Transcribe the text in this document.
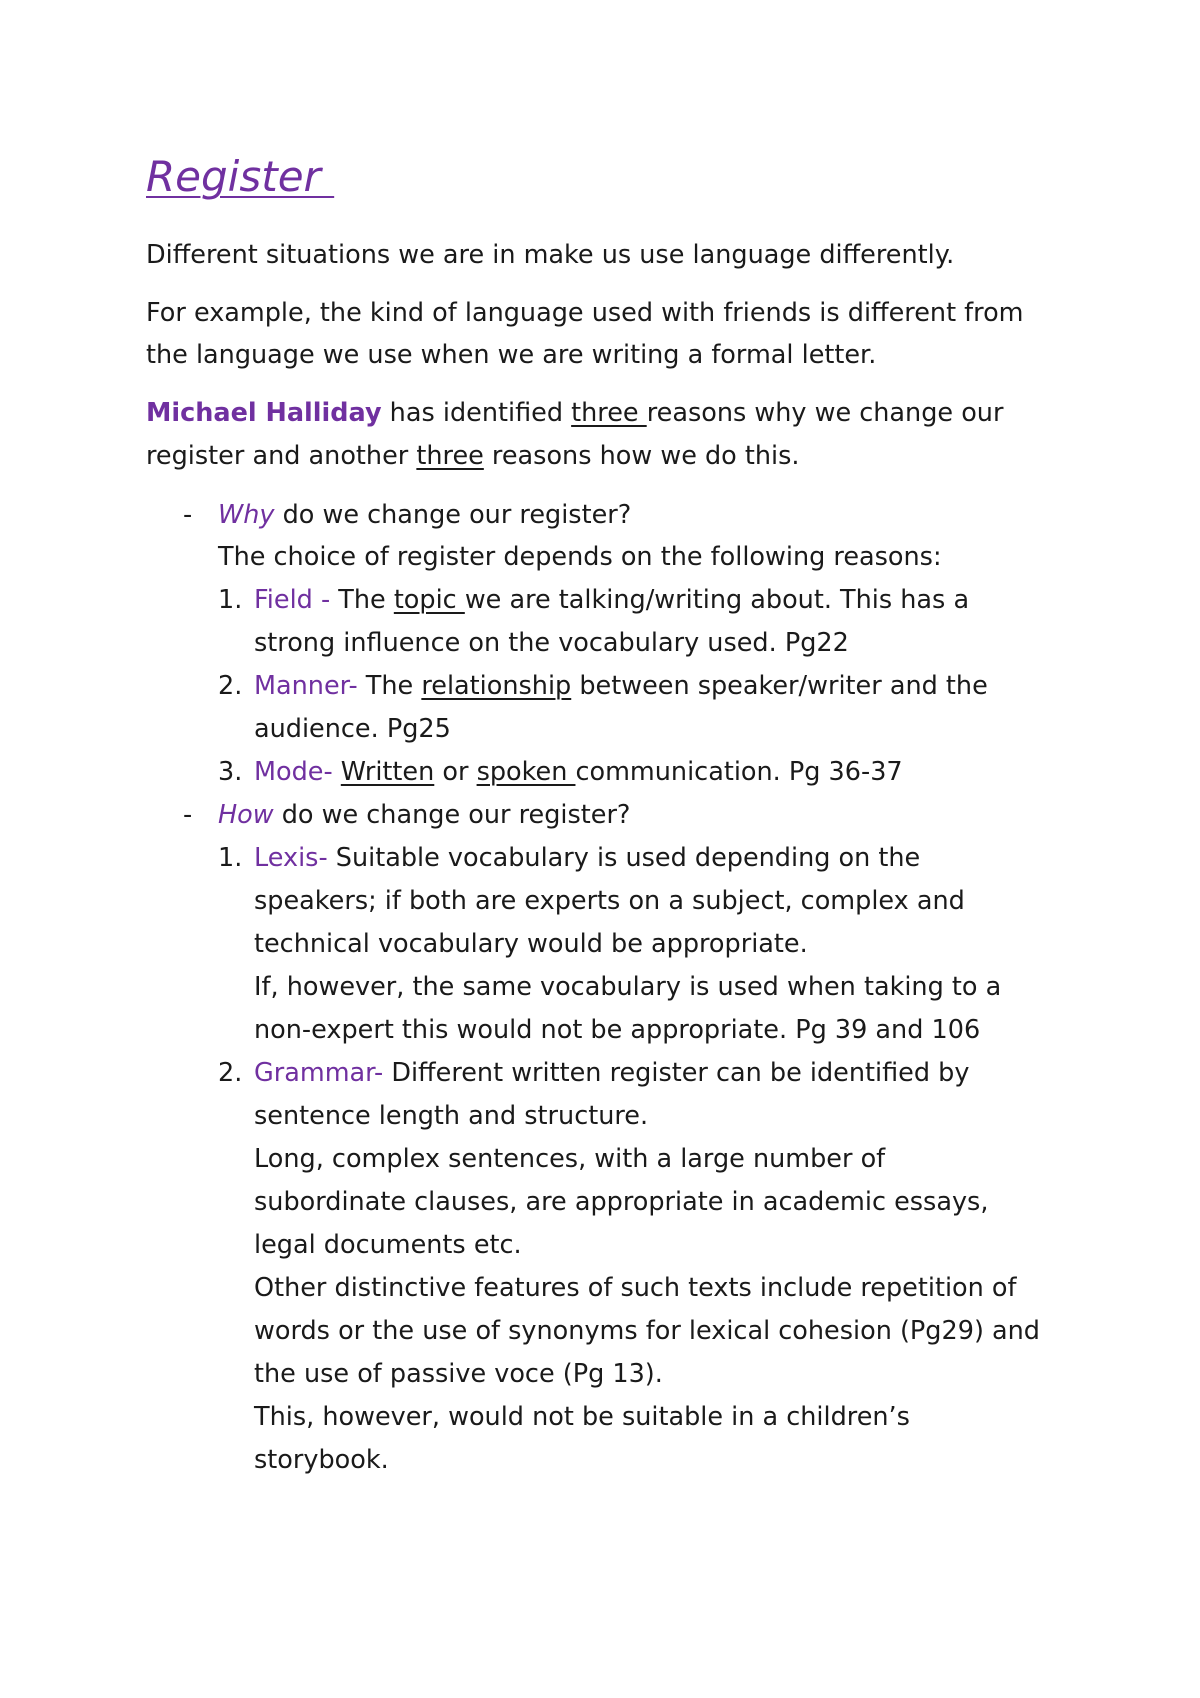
Register

Different situations we are in make us use language differently.

For example, the kind of language used with friends is different from

the language we use when we are writing a formal letter.

Michael Halliday has identified three reasons why we change our

register and another three reasons how we do this.

- Why do we change our register?

The choice of register depends on the following reasons:

1. Field - The topic we are talking/writing about. This has a

strong influence on the vocabulary used. Pg22

2. Manner- The relationship between speaker/writer and the

audience. Pg25

3. Mode- Written or spoken communication. Pg 36-37

- How do we change our register?

1. Lexis- Suitable vocabulary is used depending on the

speakers; if both are experts on a subject, complex and

technical vocabulary would be appropriate.

If, however, the same vocabulary is used when taking to a

non-expert this would not be appropriate. Pg 39 and 106

2. Grammar- Different written register can be identified by

sentence length and structure.

Long, complex sentences, with a large number of

subordinate clauses, are appropriate in academic essays,

legal documents etc.

Other distinctive features of such texts include repetition of

words or the use of synonyms for lexical cohesion (Pg29) and

the use of passive voce (Pg 13).

This, however, would not be suitable in a children’s

storybook.
